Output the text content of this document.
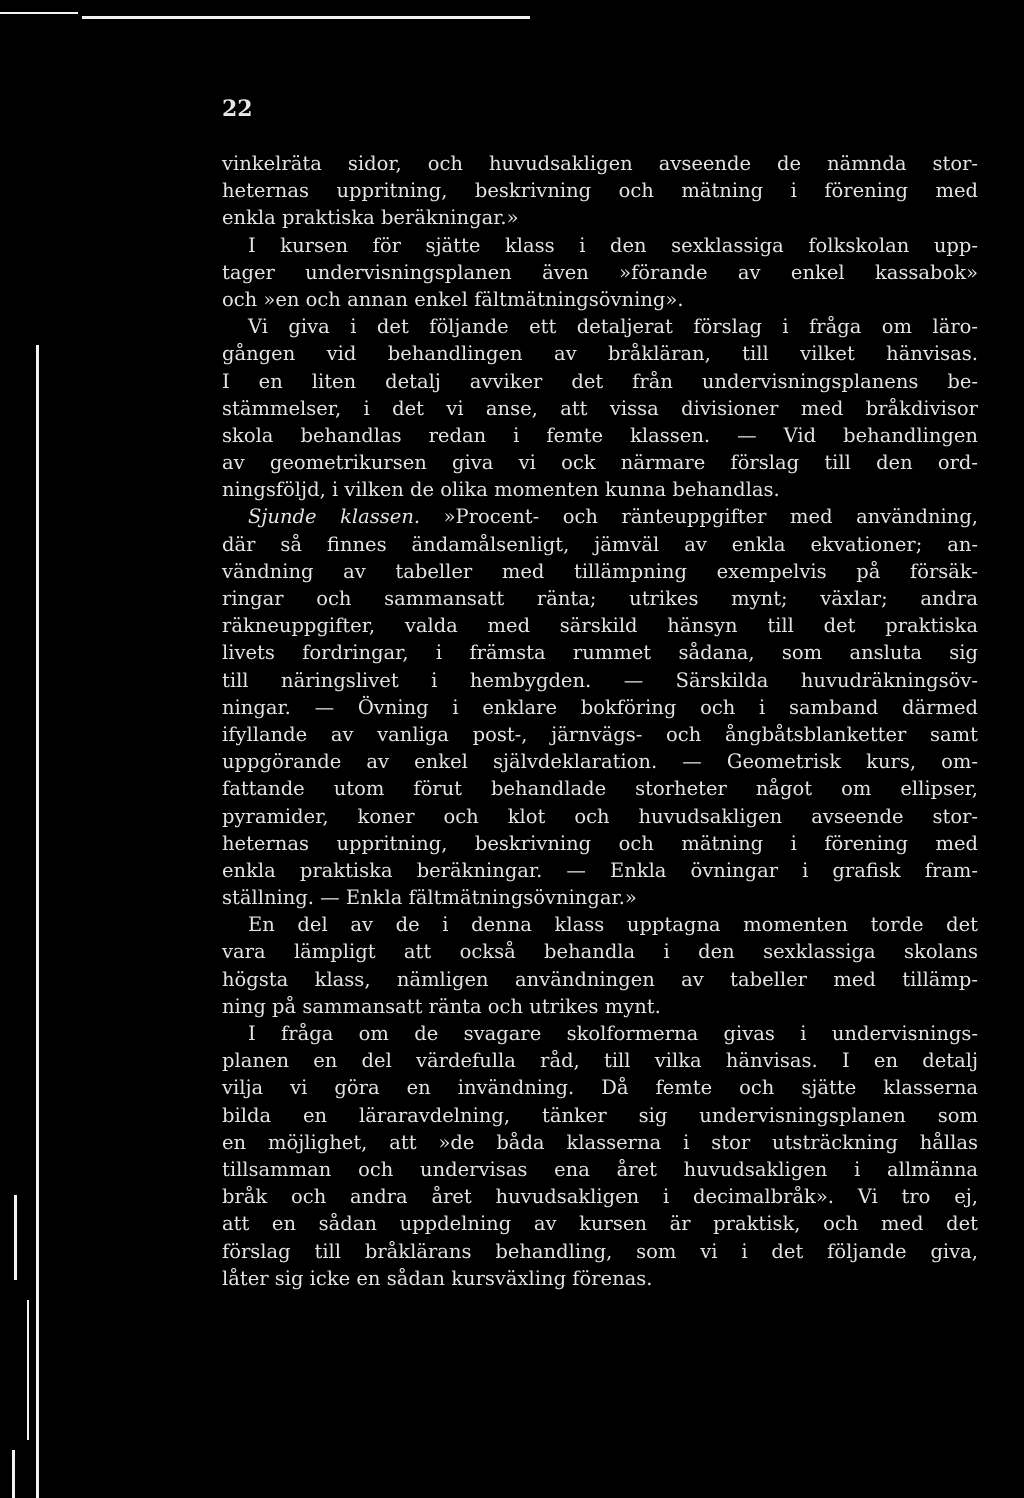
22
vinkelräta sidor, och huvudsakligen avseende de nämnda stor-
heternas uppritning, beskrivning och mätning i förening med
enkla praktiska beräkningar.»
I kursen för sjätte klass i den sexklassiga folkskolan upp-
tager undervisningsplanen även »förande av enkel kassabok»
och »en och annan enkel fältmätningsövning».
Vi giva i det följande ett detaljerat förslag i fråga om läro-
gången vid behandlingen av bråkläran, till vilket hänvisas.
I en liten detalj avviker det från undervisningsplanens be-
stämmelser, i det vi anse, att vissa divisioner med bråkdivisor
skola behandlas redan i femte klassen. — Vid behandlingen
av geometrikursen giva vi ock närmare förslag till den ord-
ningsföljd, i vilken de olika momenten kunna behandlas.
Sjunde klassen. »Procent- och ränteuppgifter med användning,
där så finnes ändamålsenligt, jämväl av enkla ekvationer; an-
vändning av tabeller med tillämpning exempelvis på försäk-
ringar och sammansatt ränta; utrikes mynt; växlar; andra
räkneuppgifter, valda med särskild hänsyn till det praktiska
livets fordringar, i främsta rummet sådana, som ansluta sig
till näringslivet i hembygden. — Särskilda huvudräkningsöv-
ningar. — Övning i enklare bokföring och i samband därmed
ifyllande av vanliga post-, järnvägs- och ångbåtsblanketter samt
uppgörande av enkel självdeklaration. — Geometrisk kurs, om-
fattande utom förut behandlade storheter något om ellipser,
pyramider, koner och klot och huvudsakligen avseende stor-
heternas uppritning, beskrivning och mätning i förening med
enkla praktiska beräkningar. — Enkla övningar i grafisk fram-
ställning. — Enkla fältmätningsövningar.»
En del av de i denna klass upptagna momenten torde det
vara lämpligt att också behandla i den sexklassiga skolans
högsta klass, nämligen användningen av tabeller med tillämp-
ning på sammansatt ränta och utrikes mynt.
I fråga om de svagare skolformerna givas i undervisnings-
planen en del värdefulla råd, till vilka hänvisas. I en detalj
vilja vi göra en invändning. Då femte och sjätte klasserna
bilda en läraravdelning, tänker sig undervisningsplanen som
en möjlighet, att »de båda klasserna i stor utsträckning hållas
tillsamman och undervisas ena året huvudsakligen i allmänna
bråk och andra året huvudsakligen i decimalbråk». Vi tro ej,
att en sådan uppdelning av kursen är praktisk, och med det
förslag till bråklärans behandling, som vi i det följande giva,
låter sig icke en sådan kursväxling förenas.
